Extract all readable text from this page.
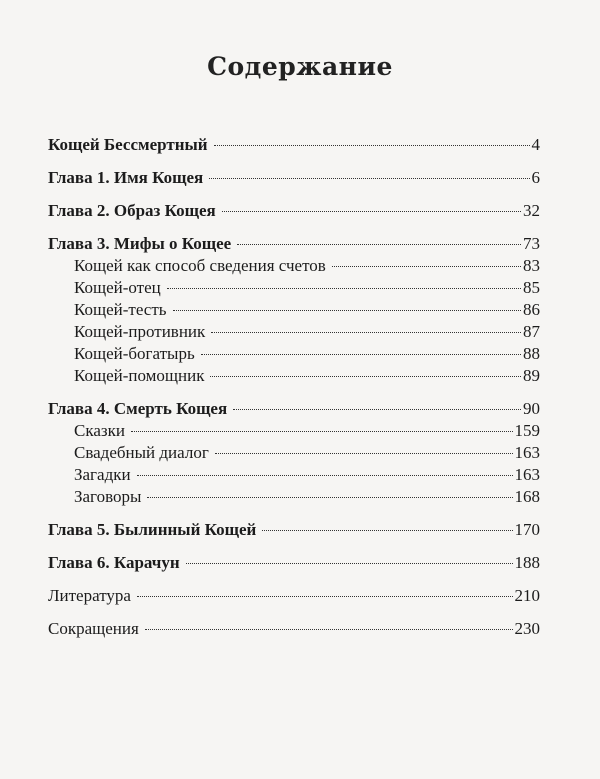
Содержание
Кощей Бессмертный	4
Глава 1. Имя Кощея	6
Глава 2. Образ Кощея	32
Глава 3. Мифы о Кощее	73
Кощей как способ сведения счетов	83
Кощей-отец	85
Кощей-тесть	86
Кощей-противник	87
Кощей-богатырь	88
Кощей-помощник	89
Глава 4. Смерть Кощея	90
Сказки	159
Свадебный диалог	163
Загадки	163
Заговоры	168
Глава 5. Былинный Кощей	170
Глава 6. Карачун	188
Литература	210
Сокращения	230
